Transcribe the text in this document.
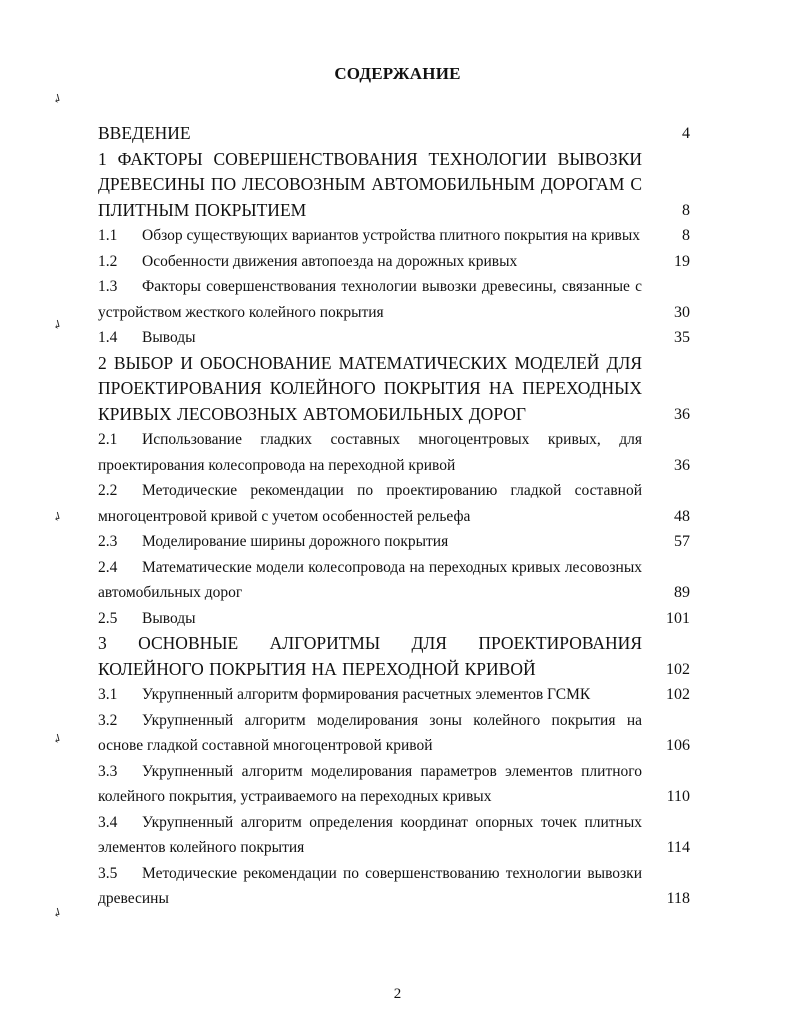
СОДЕРЖАНИЕ
↲
↲
↲
↲
↲
ВВЕДЕНИЕ	4
1 ФАКТОРЫ СОВЕРШЕНСТВОВАНИЯ ТЕХНОЛОГИИ ВЫВОЗКИ ДРЕВЕСИНЫ ПО ЛЕСОВОЗНЫМ АВТОМОБИЛЬНЫМ ДОРОГАМ С ПЛИТНЫМ ПОКРЫТИЕМ	8
1.1 Обзор существующих вариантов устройства плитного покрытия на кривых	8
1.2 Особенности движения автопоезда на дорожных кривых	19
1.3 Факторы совершенствования технологии вывозки древесины, связанные с устройством жесткого колейного покрытия	30
1.4 Выводы	35
2 ВЫБОР И ОБОСНОВАНИЕ МАТЕМАТИЧЕСКИХ МОДЕЛЕЙ ДЛЯ ПРОЕКТИРОВАНИЯ КОЛЕЙНОГО ПОКРЫТИЯ НА ПЕРЕХОДНЫХ КРИВЫХ ЛЕСОВОЗНЫХ АВТОМОБИЛЬНЫХ ДОРОГ	36
2.1 Использование гладких составных многоцентровых кривых, для проектирования колесопровода на переходной кривой	36
2.2 Методические рекомендации по проектированию гладкой составной многоцентровой кривой с учетом особенностей рельефа	48
2.3 Моделирование ширины дорожного покрытия	57
2.4 Математические модели колесопровода на переходных кривых лесовозных автомобильных дорог	89
2.5 Выводы	101
3 ОСНОВНЫЕ АЛГОРИТМЫ ДЛЯ ПРОЕКТИРОВАНИЯ КОЛЕЙНОГО ПОКРЫТИЯ НА ПЕРЕХОДНОЙ КРИВОЙ	102
3.1 Укрупненный алгоритм формирования расчетных элементов ГСМК	102
3.2 Укрупненный алгоритм моделирования зоны колейного покрытия на основе гладкой составной многоцентровой кривой	106
3.3 Укрупненный алгоритм моделирования параметров элементов плитного колейного покрытия, устраиваемого на переходных кривых	110
3.4 Укрупненный алгоритм определения координат опорных точек плитных элементов колейного покрытия	114
3.5 Методические рекомендации по совершенствованию технологии вывозки древесины	118
2
